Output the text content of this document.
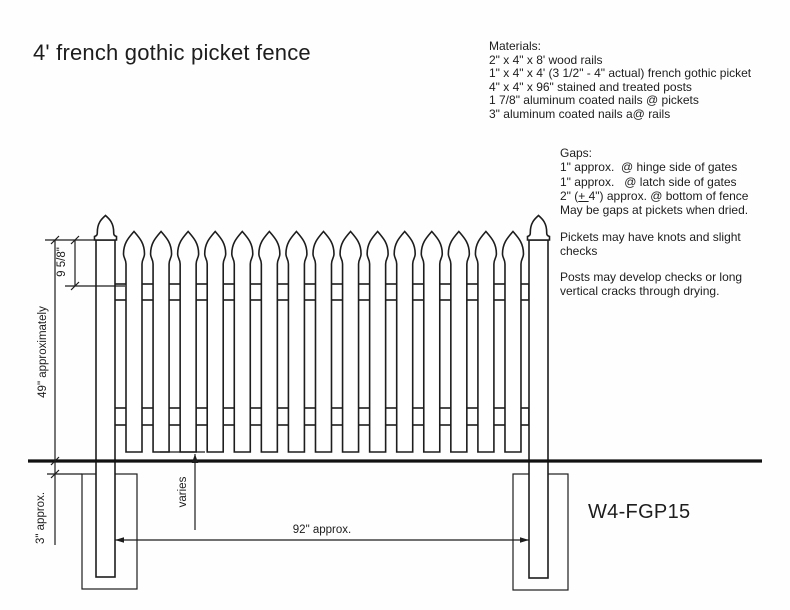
9 5/8"
49" approximately
3" approx.	varies
92" approx.
4' french gothic picket fence	Materials:
2" x 4" x 8' wood rails
1" x 4" x 4' (3 1/2" - 4" actual) french gothic picket
4" x 4" x 96" stained and treated posts
1 7/8" aluminum coated nails @ pickets
3" aluminum coated nails a@ rails
Gaps:
1" approx.  @ hinge side of gates
1" approx.   @ latch side of gates
2" (+ 4") approx. @ bottom of fence
May be gaps at pickets when dried.
Pickets may have knots and slight
checks
Posts may develop checks or long
vertical cracks through drying.
W4-FGP15
